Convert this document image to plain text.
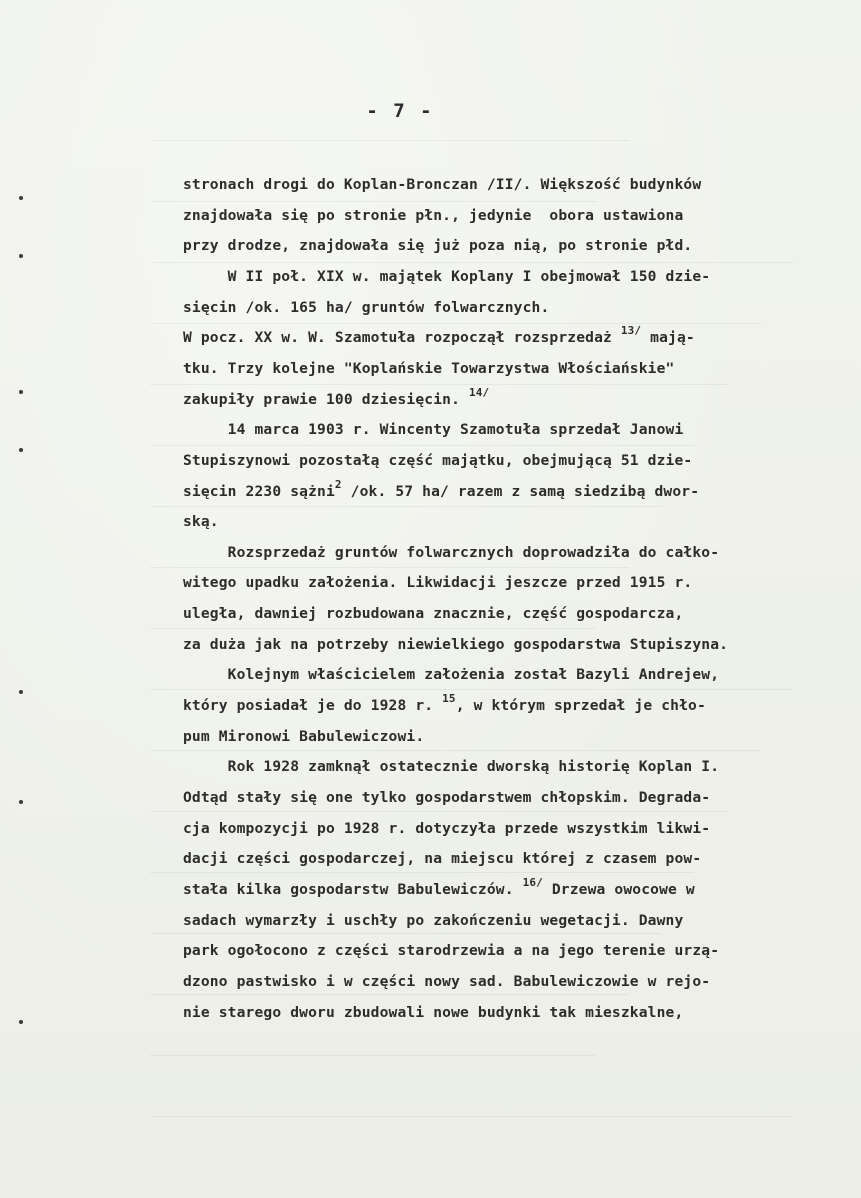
- 7 -
stronach drogi do Koplan-Bronczan /II/. Większość budynków
znajdowała się po stronie płn., jedynie  obora ustawiona
przy drodze, znajdowała się już poza nią, po stronie płd.
W II poł. XIX w. majątek Koplany I obejmował 150 dzie-
sięcin /ok. 165 ha/ gruntów folwarcznych.
W pocz. XX w. W. Szamotuła rozpoczął rozsprzedaż $^{13/}$ mają-
tku. Trzy kolejne "Koplańskie Towarzystwa Włościańskie"
zakupiły prawie 100 dziesięcin. $^{14/}$
14 marca 1903 r. Wincenty Szamotuła sprzedał Janowi
Stupiszynowi pozostałą część majątku, obejmującą 51 dzie-
sięcin 2230 sążni$^2$ /ok. 57 ha/ razem z samą siedzibą dwor-
ską.
Rozsprzedaż gruntów folwarcznych doprowadziła do całko-
witego upadku założenia. Likwidacji jeszcze przed 1915 r.
uległa, dawniej rozbudowana znacznie, część gospodarcza,
za duża jak na potrzeby niewielkiego gospodarstwa Stupiszyna.
Kolejnym właścicielem założenia został Bazyli Andrejew,
który posiadał je do 1928 r. $^{15}$, w którym sprzedał je chło-
pum Mironowi Babulewiczowi.
Rok 1928 zamknął ostatecznie dworską historię Koplan I.
Odtąd stały się one tylko gospodarstwem chłopskim. Degrada-
cja kompozycji po 1928 r. dotyczyła przede wszystkim likwi-
dacji części gospodarczej, na miejscu której z czasem pow-
stała kilka gospodarstw Babulewiczów. $^{16/}$ Drzewa owocowe w
sadach wymarzły i uschły po zakończeniu wegetacji. Dawny
park ogołocono z części starodrzewia a na jego terenie urzą-
dzono pastwisko i w części nowy sad. Babulewiczowie w rejo-
nie starego dworu zbudowali nowe budynki tak mieszkalne,
